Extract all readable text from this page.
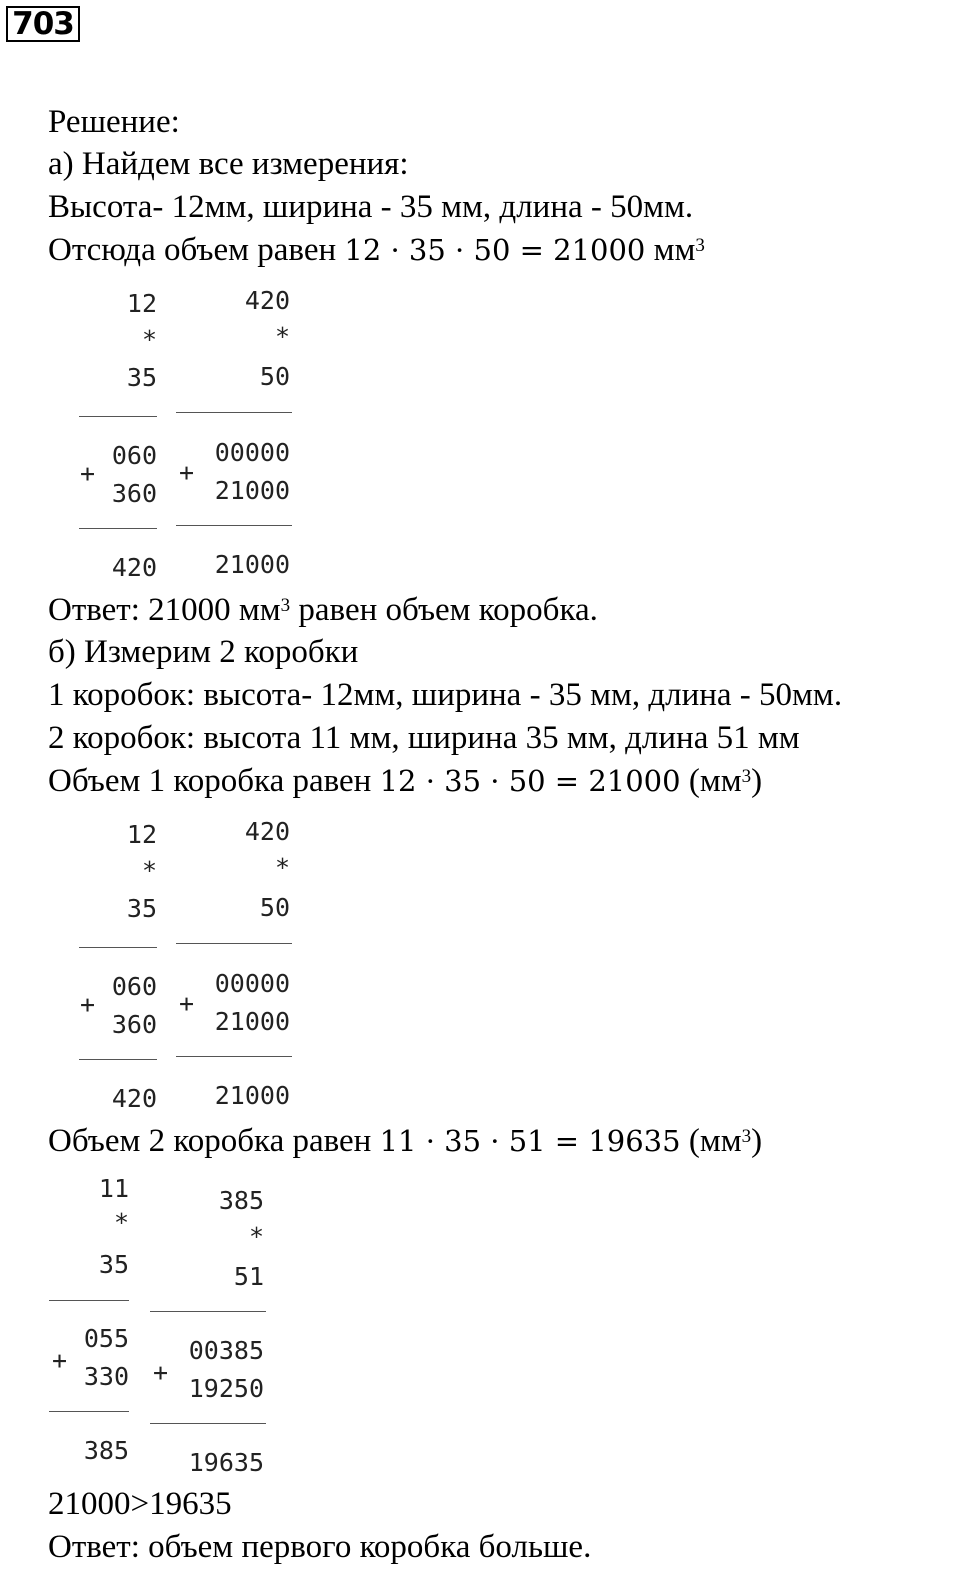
703
Решение:
а) Найдем все измерения:
Высота- 12мм, ширина - 35 мм, длина - 50мм.
Отсюда объем равен 12 · 35 · 50 = 21000 $мм^3$
12
*
35
+
060
360
420
420
*
50
+
00000
21000
21000
Ответ: 21000 $мм^3$ равен объем коробка.
б) Измерим 2 коробки
1 коробок: высота- 12мм, ширина - 35 мм, длина - 50мм.
2 коробок: высота 11 мм, ширина 35 мм, длина 51 мм
Объем 1 коробка равен 12 · 35 · 50 = 21000 $(мм^3)$
12
*
35
+
060
360
420
420
*
50
+
00000
21000
21000
Объем 2 коробка равен 11 · 35 · 51 = 19635 $(мм^3)$
11
*
35
+
055
330
385
385
*
51
+
00385
19250
19635
21000>19635
Ответ: объем первого коробка больше.
